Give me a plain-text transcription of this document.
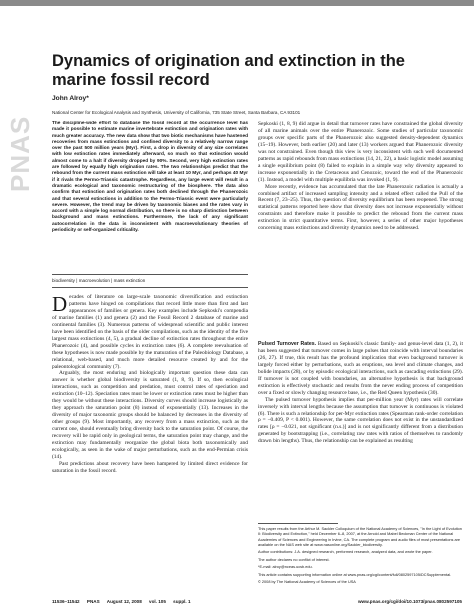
PNAS
Dynamics of origination and extinction in the marine fossil record
John Alroy*
National Center for Ecological Analysis and Synthesis, University of California, 735 State Street, Santa Barbara, CA 93101
The discipline-wide effort to database the fossil record at the occurrence level has made it possible to estimate marine invertebrate extinction and origination rates with much greater accuracy. The new data show that two biotic mechanisms have hastened recoveries from mass extinctions and confined diversity to a relatively narrow range over the past 500 million years (Myr). First, a drop in diversity of any size correlates with low extinction rates immediately afterward, so much so that extinction would almost come to a halt if diversity dropped by 90%. Second, very high extinction rates are followed by equally high origination rates. The two relationships predict that the rebound from the current mass extinction will take at least 10 Myr, and perhaps 40 Myr if it rivals the Permo-Triassic catastrophe. Regardless, any large event will result in a dramatic ecological and taxonomic restructuring of the biosphere. The data also confirm that extinction and origination rates both declined through the Phanerozoic and that several extinctions in addition to the Permo-Triassic event were particularly severe. However, the trend may be driven by taxonomic biases and the rates vary in accord with a simple log normal distribution, so there is no sharp distinction between background and mass extinctions. Furthermore, the lack of any significant autocorrelation in the data is inconsistent with macroevolutionary theories of periodicity or self-organized criticality.
biodiversity | macroevolution | mass extinction

Decades of literature on large-scale taxonomic diversification and extinction patterns have hinged on compilations that record little more than first and last appearances of families or genera. Key examples include Sepkoski's compendia of marine families (1) and genera (2) and the Fossil Record 2 database of marine and continental families (3). Numerous patterns of widespread scientific and public interest have been identified on the basis of the older compilations, such as the identity of the five largest mass extinctions (4, 5), a gradual decline of extinction rates throughout the entire Phanerozoic (4), and possible cycles in extinction rates (6). A complete reevaluation of these hypotheses is now made possible by the maturation of the Paleobiology Database, a relational, web-based, and much more detailed resource created by and for the paleontological community (7).

Arguably, the most enduring and biologically important question these data can answer is whether global biodiversity is saturated (1, 8, 9). If so, then ecological interactions, such as competition and predation, must control rates of speciation and extinction (10–12). Speciation rates must be lower or extinction rates must be higher than they would be without these interactions. Diversity curves should increase logistically as they approach the saturation point (8) instead of exponentially (13). Increases in the diversity of major taxonomic groups should be balanced by decreases in the diversity of other groups (9). Most importantly, any recovery from a mass extinction, such as the current one, should eventually bring diversity back to the saturation point. Of course, the recovery will be rapid only in geological terms, the saturation point may change, and the extinction may fundamentally reorganize the global biota both taxonomically and ecologically, as seen in the wake of major perturbations, such as the end-Permian crisis (14).

Past predictions about recovery have been hampered by limited direct evidence for saturation in the fossil record.

Sepkoski (1, 8, 9) did argue in detail that turnover rates have constrained the global diversity of all marine animals over the entire Phanerozoic. Some studies of particular taxonomic groups over specific parts of the Phanerozoic also suggested density-dependent dynamics (15–19). However, both earlier (20) and later (13) workers argued that Phanerozoic diversity was not constrained. Even though this view is very inconsistent with such well documented patterns as rapid rebounds from mass extinctions (14, 21, 22), a basic logistic model assuming a single equilibrium point (8) failed to explain in a simple way why diversity appeared to increase exponentially in the Cretaceous and Cenozoic, toward the end of the Phanerozoic (1). Instead, a model with multiple equilibria was invoked (1, 9).

More recently, evidence has accumulated that the late Phanerozoic radiation is actually a combined artifact of increased sampling intensity and a related effect called the Pull of the Recent (7, 23–25). Thus, the question of diversity equilibrium has been reopened. The strong statistical patterns reported here show that diversity does not increase exponentially without constraints and therefore make it possible to predict the rebound from the current mass extinction in strict quantitative terms. First, however, a series of other major hypotheses concerning mass extinctions and diversity dynamics need to be addressed.

Pulsed Turnover Rates. Based on Sepkoski's classic family- and genus-level data (1, 2), it has been suggested that turnover comes in large pulses that coincide with interval boundaries (26, 27). If true, this result has the profound implication that even background turnover is largely forced either by perturbations, such as eruptions, sea level and climate changes, and bolide impacts (28), or by episodic ecological interactions, such as cascading extinctions (29). If turnover is not coupled with boundaries, an alternative hypothesis is that background extinction is effectively stochastic and results from the never ending process of competition over a fixed or slowly changing resource base, i.e., the Red Queen hypothesis (30).

The pulsed turnover hypothesis implies that per-million year (Myr) rates will correlate inversely with interval lengths because the assumption that turnover is continuous is violated (6). There is such a relationship for per-Myr extinction rates (Spearman rank-order correlation ρ = −0.409, P < 0.001). However, the same correlation does not exist in the unstandardized rates [ρ = −0.021, not significant (n.s.)] and is not significantly different from a distribution generated by bootstrapping (i.e., correlating raw rates with ratios of themselves to randomly drawn bin lengths). Thus, the relationship can be explained as resulting

This paper results from the Arthur M. Sackler Colloquium of the National Academy of Sciences, "In the Light of Evolution II: Biodiversity and Extinction," held December 6–8, 2007, at the Arnold and Mabel Beckman Center of the National Academies of Sciences and Engineering in Irvine, CA. The complete program and audio files of most presentations are available on the NAS web site at www.nasonline.org/Sackler_biodiversity.

Author contributions: J.A. designed research, performed research, analyzed data, and wrote the paper.

The author declares no conflict of interest.

*E-mail: alroy@nceas.ucsb.edu.

This article contains supporting information online at www.pnas.org/cgi/content/full/0802597105/DCSupplemental.

© 2008 by The National Academy of Sciences of the USA

11536–11542 PNAS August 12, 2008 vol. 105 suppl. 1	www.pnas.org/cgi/doi/10.1073/pnas.0802597105
